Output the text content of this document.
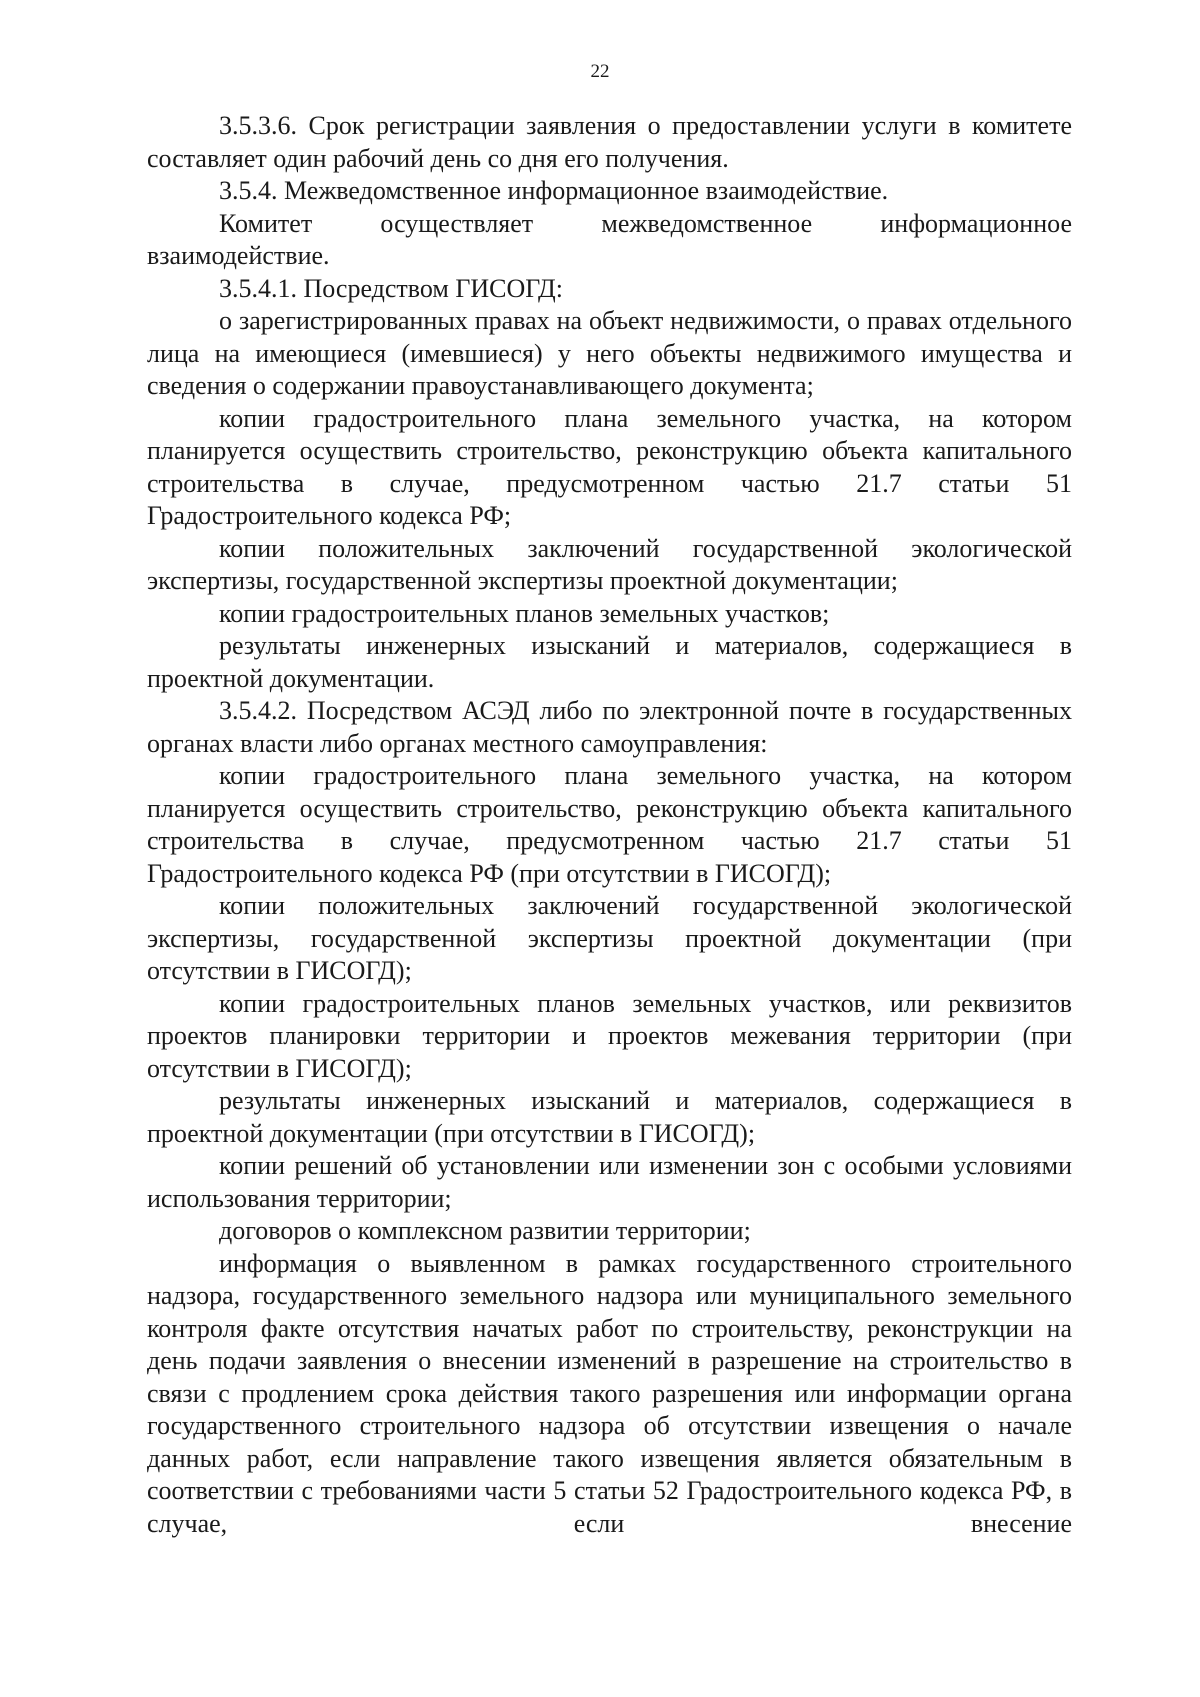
22

3.5.3.6. Срок регистрации заявления о предоставлении услуги в комитете составляет один рабочий день со дня его получения.

3.5.4. Межведомственное информационное взаимодействие.

Комитет осуществляет межведомственное информационное взаимодействие.

3.5.4.1. Посредством ГИСОГД:

о зарегистрированных правах на объект недвижимости, о правах отдельного лица на имеющиеся (имевшиеся) у него объекты недвижимого имущества и сведения о содержании правоустанавливающего документа;

копии градостроительного плана земельного участка, на котором планируется осуществить строительство, реконструкцию объекта капитального строительства в случае, предусмотренном частью 21.7 статьи 51 Градостроительного кодекса РФ;

копии положительных заключений государственной экологической экспертизы, государственной экспертизы проектной документации;

копии градостроительных планов земельных участков;

результаты инженерных изысканий и материалов, содержащиеся в проектной документации.

3.5.4.2. Посредством АСЭД либо по электронной почте в государственных органах власти либо органах местного самоуправления:

копии градостроительного плана земельного участка, на котором планируется осуществить строительство, реконструкцию объекта капитального строительства в случае, предусмотренном частью 21.7 статьи 51 Градостроительного кодекса РФ (при отсутствии в ГИСОГД);

копии положительных заключений государственной экологической экспертизы, государственной экспертизы проектной документации (при отсутствии в ГИСОГД);

копии градостроительных планов земельных участков, или реквизитов проектов планировки территории и проектов межевания территории (при отсутствии в ГИСОГД);

результаты инженерных изысканий и материалов, содержащиеся в проектной документации (при отсутствии в ГИСОГД);

копии решений об установлении или изменении зон с особыми условиями использования территории;

договоров о комплексном развитии территории;

информация о выявленном в рамках государственного строительного надзора, государственного земельного надзора или муниципального земельного контроля факте отсутствия начатых работ по строительству, реконструкции на день подачи заявления о внесении изменений в разрешение на строительство в связи с продлением срока действия такого разрешения или информации органа государственного строительного надзора об отсутствии извещения о начале данных работ, если направление такого извещения является обязательным в соответствии с требованиями части 5 статьи 52 Градостроительного кодекса РФ, в случае, если внесение
